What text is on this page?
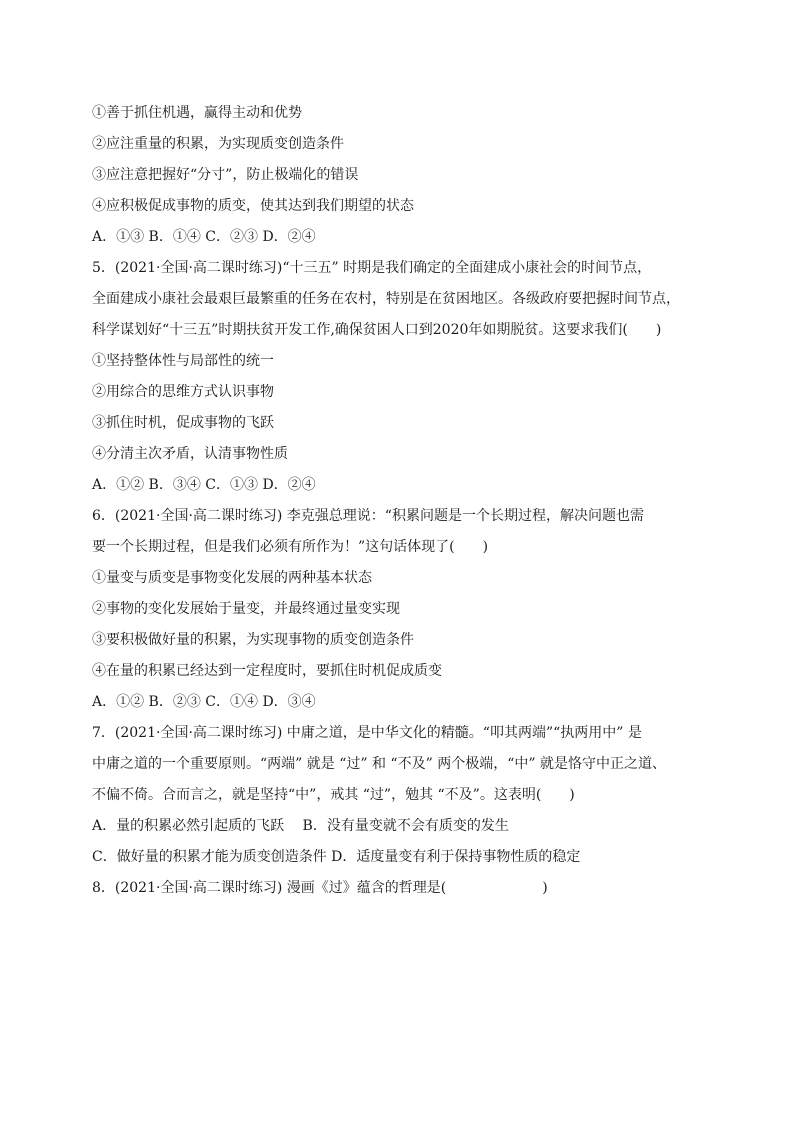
①善于抓住机遇，赢得主动和优势
②应注重量的积累，为实现质变创造条件
③应注意把握好“分寸”，防止极端化的错误
④应积极促成事物的质变，使其达到我们期望的状态
A．①③ B．①④ C．②③ D．②④
5．(2021·全国·高二课时练习)“十三五” 时期是我们确定的全面建成小康社会的时间节点，
全面建成小康社会最艰巨最繁重的任务在农村，特别是在贫困地区。各级政府要把握时间节点，
科学谋划好“十三五”时期扶贫开发工作,确保贫困人口到2020年如期脱贫。这要求我们(　　)
①坚持整体性与局部性的统一
②用综合的思维方式认识事物
③抓住时机，促成事物的飞跃
④分清主次矛盾，认清事物性质
A．①② B．③④ C．①③ D．②④
6．(2021·全国·高二课时练习) 李克强总理说：“积累问题是一个长期过程，解决问题也需
要一个长期过程，但是我们必须有所作为！”这句话体现了(　　)
①量变与质变是事物变化发展的两种基本状态
②事物的变化发展始于量变，并最终通过量变实现
③要积极做好量的积累，为实现事物的质变创造条件
④在量的积累已经达到一定程度时，要抓住时机促成质变
A．①② B．②③ C．①④ D．③④
7．(2021·全国·高二课时练习) 中庸之道，是中华文化的精髓。“叩其两端”“执两用中” 是
中庸之道的一个重要原则。“两端” 就是 “过” 和 “不及” 两个极端，“中” 就是恪守中正之道、
不偏不倚。合而言之，就是坚持“中”，戒其 “过”，勉其 “不及”。这表明(　　)
A．量的积累必然引起质的飞跃　 B．没有量变就不会有质变的发生
C．做好量的积累才能为质变创造条件 D．适度量变有利于保持事物性质的稳定
8．(2021·全国·高二课时练习) 漫画《过》蕴含的哲理是(	)
